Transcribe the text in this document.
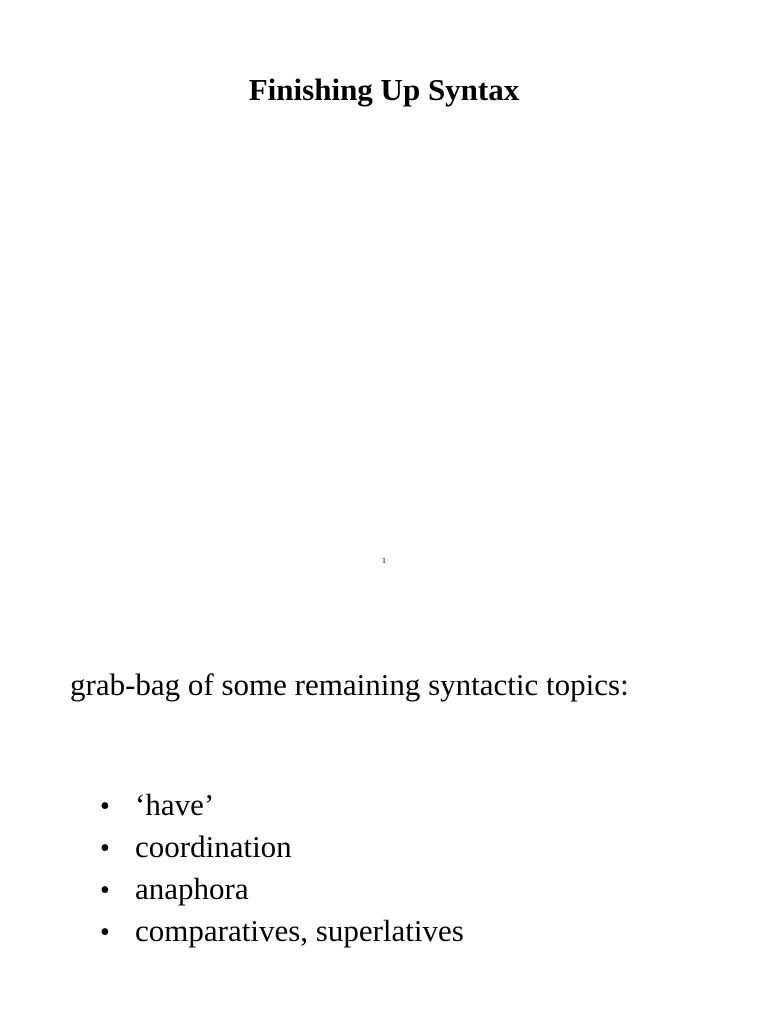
Finishing Up Syntax
1

grab-bag of some remaining syntactic topics:

• ‘have’
• coordination
• anaphora
• comparatives, superlatives
